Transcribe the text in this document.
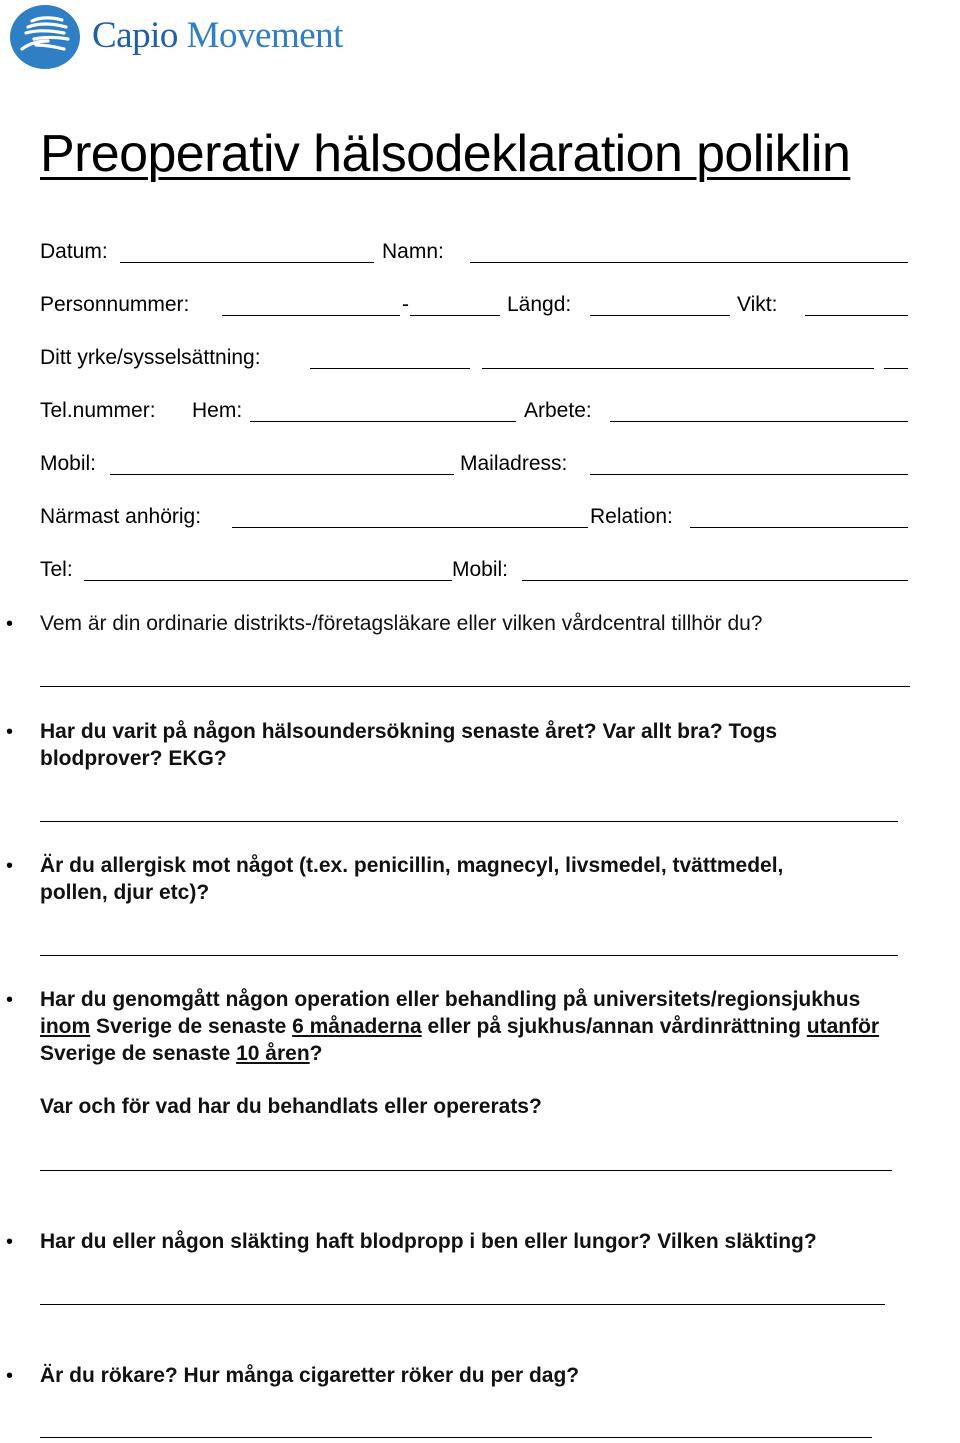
Capio Movement
Preoperativ hälsodeklaration poliklin
Datum:	Namn:
Personnummer:	-	Längd:	Vikt:
Ditt yrke/sysselsättning:
Tel.nummer: Hem:	Arbete:
Mobil:	Mailadress:
Närmast anhörig:	Relation:
Tel:	Mobil:
• Vem är din ordinarie distrikts-/företagsläkare eller vilken vårdcentral tillhör du?
• Har du varit på någon hälsoundersökning senaste året? Var allt bra? Togs
blodprover? EKG?
• Är du allergisk mot något (t.ex. penicillin, magnecyl, livsmedel, tvättmedel,
pollen, djur etc)?
• Har du genomgått någon operation eller behandling på universitets/regionsjukhus
inom Sverige de senaste 6 månaderna eller på sjukhus/annan vårdinrättning utanför
Sverige de senaste 10 åren?
Var och för vad har du behandlats eller opererats?
• Har du eller någon släkting haft blodpropp i ben eller lungor? Vilken släkting?
• Är du rökare? Hur många cigaretter röker du per dag?
